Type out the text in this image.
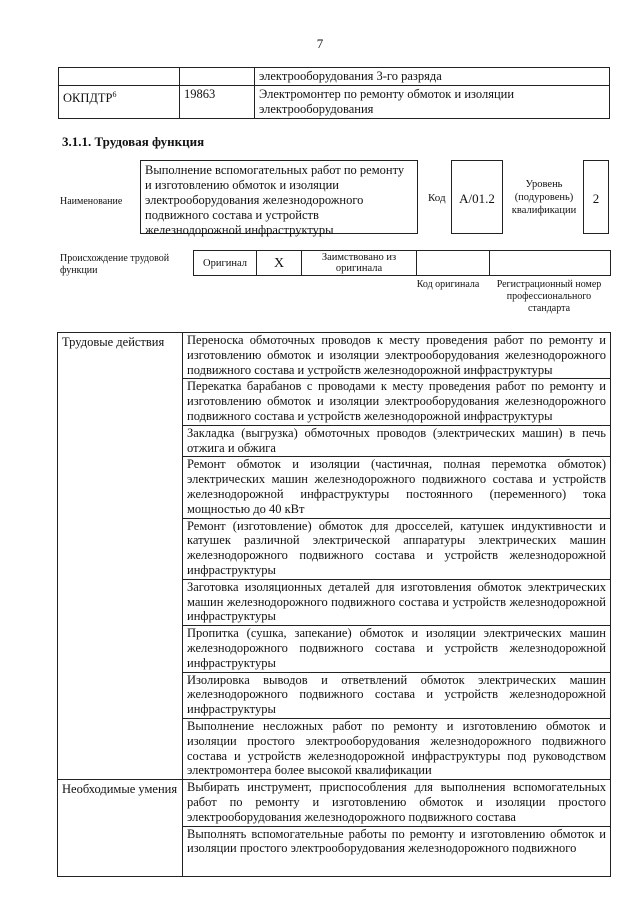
7
		электрооборудования 3-го разряда
ОКПДТР$^6$	19863	Электромонтер по ремонту обмоток и изоляции электрооборудования
3.1.1. Трудовая функция
Наименование
Выполнение вспомогательных работ по ремонту и изготовлению обмоток и изоляции электрооборудования железнодорожного подвижного состава и устройств железнодорожной инфраструктуры
Код	A/01.2
Уровень (подуровень) квалификации
2
Происхождение трудовой функции
Оригинал	X	Заимствовано из оригинала		
Код оригинала	Регистрационный номер профессионального стандарта
Трудовые действия	Переноска обмоточных проводов к месту проведения работ по ремонту и изготовлению обмоток и изоляции электрооборудования железнодорожного подвижного состава и устройств железнодорожной инфраструктуры
	Перекатка барабанов с проводами к месту проведения работ по ремонту и изготовлению обмоток и изоляции электрооборудования железнодорожного подвижного состава и устройств железнодорожной инфраструктуры
	Закладка (выгрузка) обмоточных проводов (электрических машин) в печь отжига и обжига
	Ремонт обмоток и изоляции (частичная, полная перемотка обмоток) электрических машин железнодорожного подвижного состава и устройств железнодорожной инфраструктуры постоянного (переменного) тока мощностью до 40 кВт
	Ремонт (изготовление) обмоток для дросселей, катушек индуктивности и катушек различной электрической аппаратуры электрических машин железнодорожного подвижного состава и устройств железнодорожной инфраструктуры
	Заготовка изоляционных деталей для изготовления обмоток электрических машин железнодорожного подвижного состава и устройств железнодорожной инфраструктуры
	Пропитка (сушка, запекание) обмоток и изоляции электрических машин железнодорожного подвижного состава и устройств железнодорожной инфраструктуры
	Изолировка выводов и ответвлений обмоток электрических машин железнодорожного подвижного состава и устройств железнодорожной инфраструктуры
	Выполнение несложных работ по ремонту и изготовлению обмоток и изоляции простого электрооборудования железнодорожного подвижного состава и устройств железнодорожной инфраструктуры под руководством электромонтера более высокой квалификации
Необходимые умения	Выбирать инструмент, приспособления для выполнения вспомогательных работ по ремонту и изготовлению обмоток и изоляции простого электрооборудования железнодорожного подвижного состава

	Выполнять вспомогательные работы по ремонту и изготовлению обмоток и изоляции простого электрооборудования железнодорожного подвижного
